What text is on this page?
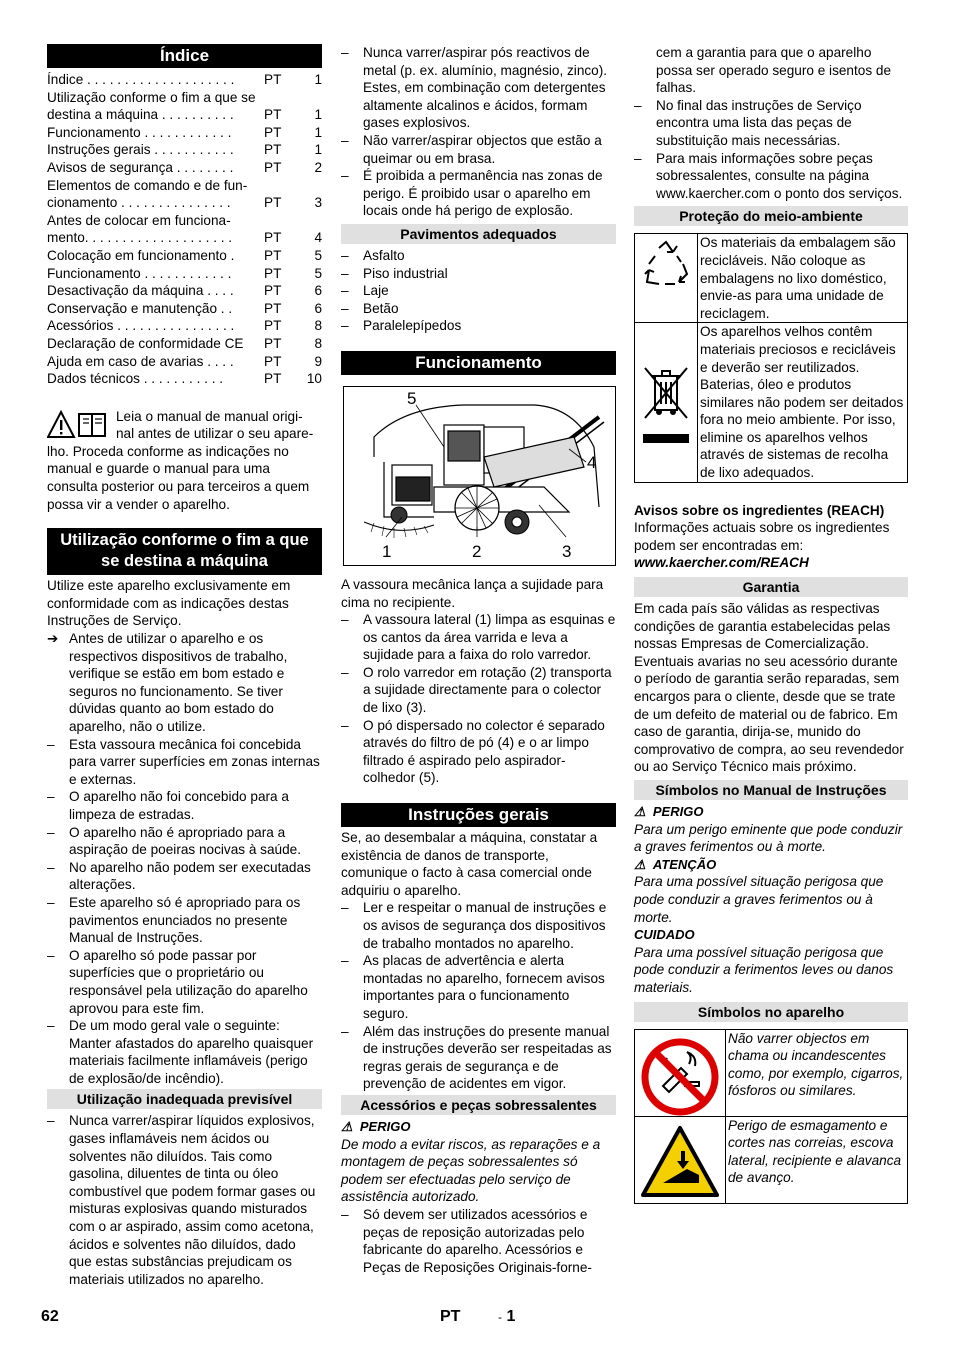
Índice
Índice . . . . . . . . . . . . . . . . . . . .	PT	1
Utilização conforme o fim a que se
destina a máquina . . . . . . . . . .	PT	1
Funcionamento . . . . . . . . . . . .	PT	1
Instruções gerais . . . . . . . . . . .	PT	1
Avisos de segurança . . . . . . . .	PT	2
Elementos de comando e de fun-
cionamento . . . . . . . . . . . . . . .	PT	3
Antes de colocar em funciona-
mento. . . . . . . . . . . . . . . . . . . .	PT	4
Colocação em funcionamento .	PT	5
Funcionamento . . . . . . . . . . . .	PT	5
Desactivação da máquina . . . .	PT	6
Conservação e manutenção . .	PT	6
Acessórios . . . . . . . . . . . . . . . .	PT	8
Declaração de conformidade CE	PT	8
Ajuda em caso de avarias . . . .	PT	9
Dados técnicos . . . . . . . . . . .	PT	10

Leia o manual de manual origi-

nal antes de utilizar o seu apare-

lho. Proceda conforme as indicações no manual e guarde o manual para uma consulta posterior ou para terceiros a quem possa vir a vender o aparelho.

Utilização conforme o fim a que se destina a máquina

Utilize este aparelho exclusivamente em conformidade com as indicações destas Instruções de Serviço.

➔ Antes de utilizar o aparelho e os respectivos dispositivos de trabalho, verifique se estão em bom estado e seguros no funcionamento. Se tiver dúvidas quanto ao bom estado do aparelho, não o utilize.
–	Esta vassoura mecânica foi concebida para varrer superfícies em zonas internas e externas.
–	O aparelho não foi concebido para a limpeza de estradas.
–	O aparelho não é apropriado para a aspiração de poeiras nocivas à saúde.
–	No aparelho não podem ser executadas alterações.
–	Este aparelho só é apropriado para os pavimentos enunciados no presente Manual de Instruções.
–	O aparelho só pode passar por superfícies que o proprietário ou responsável pela utilização do aparelho aprovou para este fim.
–	De um modo geral vale o seguinte: Manter afastados do aparelho quaisquer materiais facilmente inflamáveis (perigo de explosão/de incêndio).
Utilização inadequada previsível
–	Nunca varrer/aspirar líquidos explosivos, gases inflamáveis nem ácidos ou solventes não diluídos. Tais como gasolina, diluentes de tinta ou óleo combustível que podem formar gases ou misturas explosivas quando misturados com o ar aspirado, assim como acetona, ácidos e solventes não diluídos, dado que estas substâncias prejudicam os materiais utilizados no aparelho.
–	Nunca varrer/aspirar pós reactivos de metal (p. ex. alumínio, magnésio, zinco). Estes, em combinação com detergentes altamente alcalinos e ácidos, formam gases explosivos.
–	Não varrer/aspirar objectos que estão a queimar ou em brasa.
–	É proibida a permanência nas zonas de perigo. É proibido usar o aparelho em locais onde há perigo de explosão.
Pavimentos adequados
–	Asfalto
–	Piso industrial
–	Laje
–	Betão
–	Paralelepípedos
Funcionamento
5
4
1	2	3

A vassoura mecânica lança a sujidade para cima no recipiente.

–	A vassoura lateral (1) limpa as esquinas e os cantos da área varrida e leva a sujidade para a faixa do rolo varredor.
–	O rolo varredor em rotação (2) transporta a sujidade directamente para o colector de lixo (3).
–	O pó dispersado no colector é separado através do filtro de pó (4) e o ar limpo filtrado é aspirado pelo aspirador-colhedor (5).
Instruções gerais

Se, ao desembalar a máquina, constatar a existência de danos de transporte, comunique o facto à casa comercial onde adquiriu o aparelho.

–	Ler e respeitar o manual de instruções e os avisos de segurança dos dispositivos de trabalho montados no aparelho.
–	As placas de advertência e alerta montadas no aparelho, fornecem avisos importantes para o funcionamento seguro.
–	Além das instruções do presente manual de instruções deverão ser respeitadas as regras gerais de segurança e de prevenção de acidentes em vigor.
Acessórios e peças sobressalentes

⚠  PERIGO

De modo a evitar riscos, as reparações e a montagem de peças sobressalentes só podem ser efectuadas pelo serviço de assistência autorizado.

–	Só devem ser utilizados acessórios e peças de reposição autorizadas pelo fabricante do aparelho. Acessórios e Peças de Reposições Originais-forne-
cem a garantia para que o aparelho possa ser operado seguro e isentos de falhas.
–	No final das instruções de Serviço encontra uma lista das peças de substituição mais necessárias.
–	Para mais informações sobre peças sobressalentes, consulte na página www.kaercher.com o ponto dos serviços.
Proteção do meio-ambiente
Os materiais da embalagem são recicláveis. Não coloque as embalagens no lixo doméstico, envie-as para uma unidade de reciclagem.
Os aparelhos velhos contêm materiais preciosos e recicláveis e deverão ser reutilizados. Baterias, óleo e produtos similares não podem ser deitados fora no meio ambiente. Por isso, elimine os aparelhos velhos através de sistemas de recolha de lixo adequados.

Avisos sobre os ingredientes (REACH)

Informações actuais sobre os ingredientes podem ser encontradas em:

www.kaercher.com/REACH

Garantia

Em cada país são válidas as respectivas condições de garantia estabelecidas pelas nossas Empresas de Comercialização. Eventuais avarias no seu acessório durante o período de garantia serão reparadas, sem encargos para o cliente, desde que se trate de um defeito de material ou de fabrico. Em caso de garantia, dirija-se, munido do comprovativo de compra, ao seu revendedor ou ao Serviço Técnico mais próximo.

Símbolos no Manual de Instruções

⚠  PERIGO

Para um perigo eminente que pode conduzir a graves ferimentos ou à morte.

⚠  ATENÇÃO

Para uma possível situação perigosa que pode conduzir a graves ferimentos ou à morte.

CUIDADO

Para uma possível situação perigosa que pode conduzir a ferimentos leves ou danos materiais.

Símbolos no aparelho
Não varrer objectos em chama ou incandescentes como, por exemplo, cigarros, fósforos ou similares.
Perigo de esmagamento e cortes nas correias, escova lateral, recipiente e alavanca de avanço.
62	PT	- 1
